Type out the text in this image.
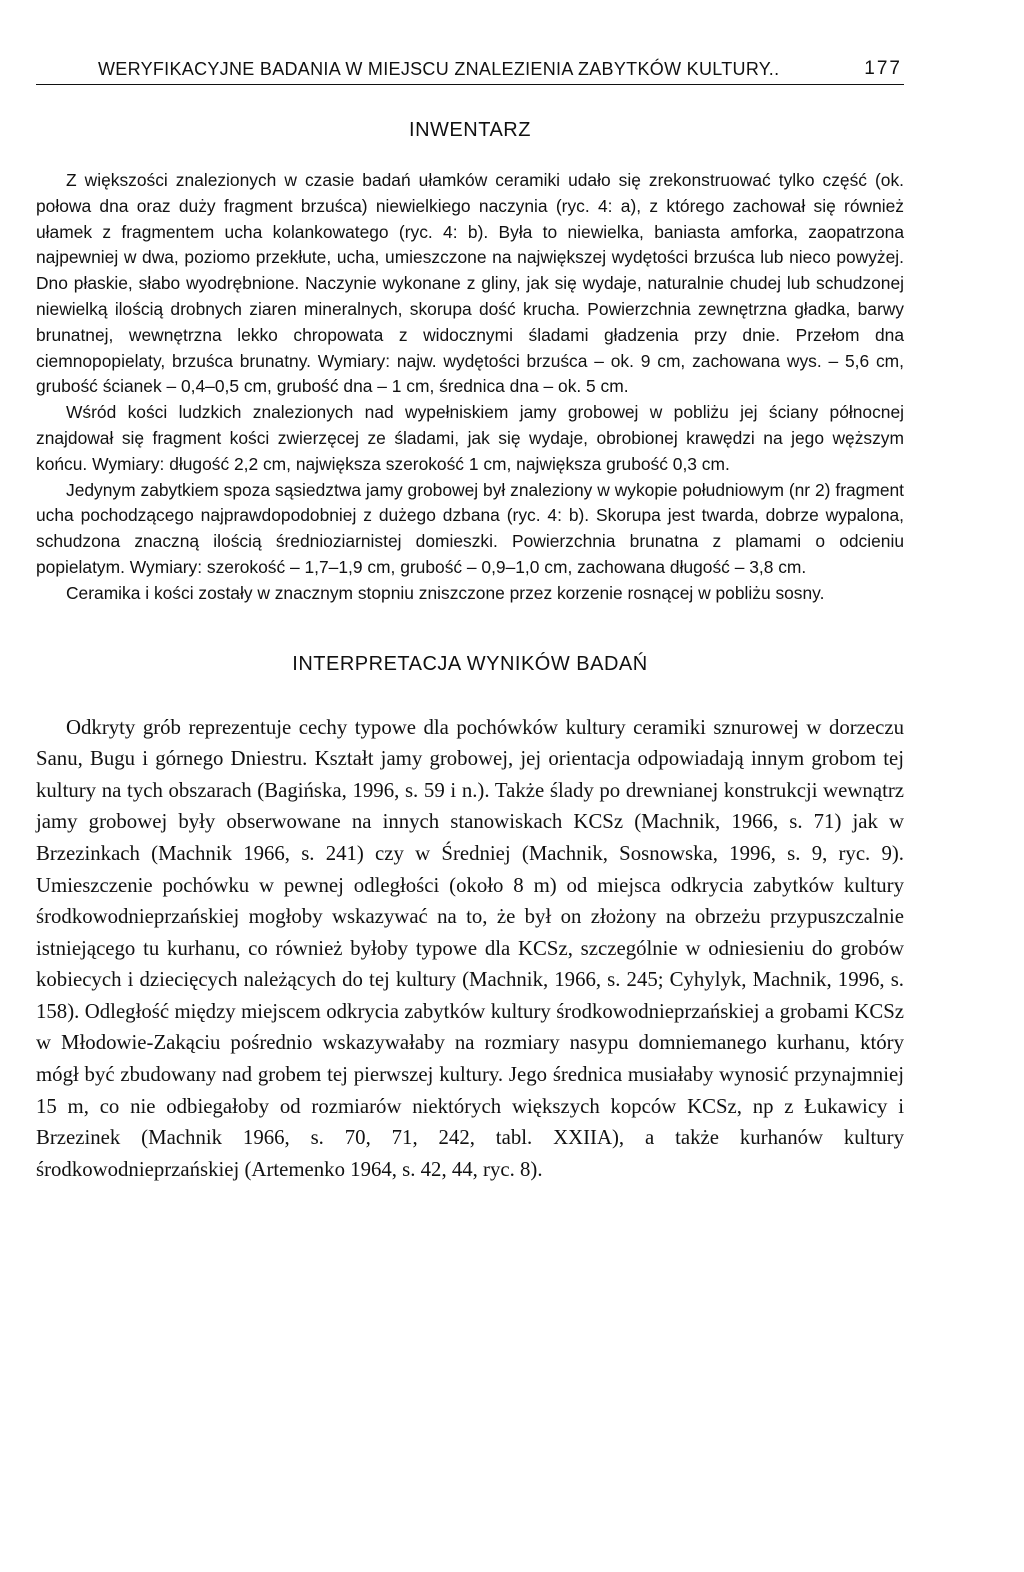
WERYFIKACYJNE BADANIA W MIEJSCU ZNALEZIENIA ZABYTKÓW KULTURY..	177
INWENTARZ

Z większości znalezionych w czasie badań ułamków ceramiki udało się zrekonstruować tylko część (ok. połowa dna oraz duży fragment brzuśca) niewielkiego naczynia (ryc. 4: a), z którego zachował się również ułamek z fragmentem ucha kolankowatego (ryc. 4: b). Była to niewielka, baniasta amforka, zaopatrzona najpewniej w dwa, poziomo przekłute, ucha, umieszczone na największej wydętości brzuśca lub nieco powyżej. Dno płaskie, słabo wyodrębnione. Naczynie wykonane z gliny, jak się wydaje, naturalnie chudej lub schudzonej niewielką ilością drobnych ziaren mineralnych, skorupa dość krucha. Powierzchnia zewnętrzna gładka, barwy brunatnej, wewnętrzna lekko chropowata z widocznymi śladami gładzenia przy dnie. Przełom dna ciemnopopielaty, brzuśca brunatny. Wymiary: najw. wydętości brzuśca – ok. 9 cm, zachowana wys. – 5,6 cm, grubość ścianek – 0,4–0,5 cm, grubość dna – 1 cm, średnica dna – ok. 5 cm.

Wśród kości ludzkich znalezionych nad wypełniskiem jamy grobowej w pobliżu jej ściany północnej znajdował się fragment kości zwierzęcej ze śladami, jak się wydaje, obrobionej krawędzi na jego węższym końcu. Wymiary: długość 2,2 cm, największa szerokość 1 cm, największa grubość 0,3 cm.

Jedynym zabytkiem spoza sąsiedztwa jamy grobowej był znaleziony w wykopie południowym (nr 2) fragment ucha pochodzącego najprawdopodobniej z dużego dzbana (ryc. 4: b). Skorupa jest twarda, dobrze wypalona, schudzona znaczną ilością średnioziarnistej domieszki. Powierzchnia brunatna z plamami o odcieniu popielatym. Wymiary: szerokość – 1,7–1,9 cm, grubość – 0,9–1,0 cm, zachowana długość – 3,8 cm.

Ceramika i kości zostały w znacznym stopniu zniszczone przez korzenie rosnącej w pobliżu sosny.

INTERPRETACJA WYNIKÓW BADAŃ

Odkryty grób reprezentuje cechy typowe dla pochówków kultury ceramiki sznurowej w dorzeczu Sanu, Bugu i górnego Dniestru. Kształt jamy grobowej, jej orientacja odpowiadają innym grobom tej kultury na tych obszarach (Bagińska, 1996, s. 59 i n.). Także ślady po drewnianej konstrukcji wewnątrz jamy grobowej były obserwowane na innych stanowiskach KCSz (Machnik, 1966, s. 71) jak w Brzezinkach (Machnik 1966, s. 241) czy w Średniej (Machnik, Sosnowska, 1996, s. 9, ryc. 9). Umieszczenie pochówku w pewnej odległości (około 8 m) od miejsca odkrycia zabytków kultury środkowodnieprzańskiej mogłoby wskazywać na to, że był on złożony na obrzeżu przypuszczalnie istniejącego tu kurhanu, co również byłoby typowe dla KCSz, szczególnie w odniesieniu do grobów kobiecych i dziecięcych należących do tej kultury (Machnik, 1966, s. 245; Cyhylyk, Machnik, 1996, s. 158). Odległość między miejscem odkrycia zabytków kultury środkowodnieprzańskiej a grobami KCSz w Młodowie-Zakąciu pośrednio wskazywałaby na rozmiary nasypu domniemanego kurhanu, który mógł być zbudowany nad grobem tej pierwszej kultury. Jego średnica musiałaby wynosić przynajmniej 15 m, co nie odbiegałoby od rozmiarów niektórych większych kopców KCSz, np z Łukawicy i Brzezinek (Machnik 1966, s. 70, 71, 242, tabl. XXIIA), a także kurhanów kultury środkowodnieprzańskiej (Artemenko 1964, s. 42, 44, ryc. 8).
